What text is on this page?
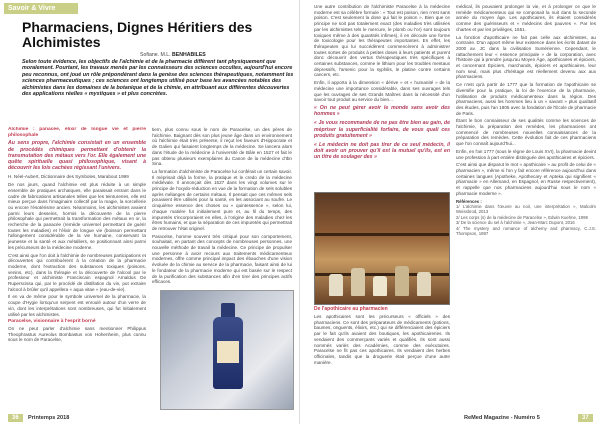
Savoir & Vivre
Pharmaciens, Dignes Héritiers des Alchimistes
Sofiane. M.L. BENHABILES
Selon toute évidence, les objectifs de l'alchimie et de la pharmacie diffèrent tant physiquement que moralement. Pourtant, les travaux menés par les connaisseurs des sciences occultes, aujourd'hui encore peu reconnus, ont joué un rôle prépondérant dans la genèse des sciences thérapeutiques, notamment les sciences pharmaceutiques ; ces sciences ont longtemps utilisé pour base les avancées notables des alchimistes dans les domaines de la botanique et de la chimie, en attribuant aux différentes découvertes des applications réelles « mystiques » et plus concrètes.
Alchimie : panacée, élixir de longue vie et pierre philosophale
Au sens propre, l'alchimie consistait en un ensemble de procédés chimiques permettant d'obtenir la transmutation des métaux vers l'or. Elle également une quête spirituelle quasi philosophique, visant à découvrir les lois cachées régissant l'univers.

H. Néel-Aubert, Dictionnaire des Symboles, Marabout 1999

De nos jours, quand l'alchimie est plus réduite à un simple ensemble de pratiques archaïques, elle paraissait entrant dans le cadre de fabrications artisanales telles que les teintureries, elle est mieux perçue dans l'imaginaire collectif par la magie, la sorcellerie ou encore l'ésotérisme ancien. Néanmoins, les alchimistes avaient parmi leurs desseins, hormis la découverte de la pierre philosophale qui permettrait la transformation des métaux en or, la recherche de la panacée (remède universel permettant de guérir toutes les maladies) et l'élixir de longue vie (boisson permettant l'allongement considérable de la vie humaine, conservant la jeunesse et la santé et aux métalliers, se positionnant ainsi parmi les précurseurs de la médecine moderne.

C'est ainsi que l'on doit à l'alchimie de nombreuses participations et découvertes qui contribuèrent à la création de la pharmacie moderne, dont l'extraction des substances toxiques (poisons, venins, etc), dans la thérapie et la découverte de l'alcool par le professeur et alchimiste Franciscain espagnol Arnaldus De Ruperscissa qui, par le procédé de distillation du vin, put extraire l'alcool à brûler qu'il appellera « aqua vitae » (eau-de-vie).

Il en va de même pour le symbole universel de la pharmacie, la coupe d'Hygie lorsqu'un serpent est enroulé autour d'un verre de vin, dont les interprétations sont nombreuses, qui fut initialement utilisé par les alchimistes.

Paracelse, visionnaire à l'esprit borné

On ne peut parler d'alchimie sans mentionner Philippus Theophrastus Aureolus Bombastus von Hohenheim, plus connu sous le nom de Paracelse,

tiem, plus connu sous le nom de Paracelse, un des pères de l'alchimie. Baignant dès son plus jeune âge dans un environnement où l'alchimie était très présente, il reçut les faveurs d'Hippocrate et de Galien qui faisaient longtemps de la médecine. Se lancera alors dans l'étude de la médecine à l'université de Bâle en 1527 et fait le pas obtenu plusieurs exemplaires du Canon de la médecine d'Ibn Sina.

La formation d'alchimiste de Paracelse lui conférait un certain savoir. Il méprisait déjà la forme, la pratique et le credo de la médecine médiévale. Il annonçait dès 1527 dans les vingt volumes sur le principe de l'oxydo-réduction en vue de la formation de sels solubles après mélanges de certains métaux. Il pensait que ces mêmes sels pouvaient être utilisés pour la santé, en les associant au soufre. Le cinquième essence des choses ou « quintessence », selon lui, chaque matière fut initialement pure et, au fil du temps, des impuretés s'incorporaient en elles, à l'origine des maladies chez les êtres humains, et que la séparation de ces impuretés qui permettrait de retrouver l'état originel.

Paracelse, homme souvent très critiqué pour son comportement, souhaitait, en partant des concepts de nombreuses personnes, une nouvelle méthode de travail la médecine. Ce principe de propulser une personne à avoir recours aux traitements médicamenteux modernes, offre comme principal impact des ébauches d'une vision évoluée de la chimie au service de la pharmacie, faisant ainsi de lui le fondateur de la pharmacie moderne qui est basée sur le respect de la purification des substances afin d'en tirer des principes actifs efficaces.

36	Printemps 2018

Une autre contribution de l'alchimiste Paracelse à la médecine moderne est sa célèbre formule : « Tout est poison, rien n'est sans poison. C'est seulement la dose qui fait le poison ». Bien que ce principe ne soit pas totalement exact (des maladies très utilisées par les alchimistes tels le mercure, le plomb ou l'or) sont toujours toxiques même à des quantités infimes), il en découle une forme de toxicologie pour les thérapeutes importantes. En effet, les thérapeutes qui lui succédèrent commencèrent à administrer toutes sortes de produits à petites doses à leurs patients et purent donc découvrir des vertus thérapeutiques très spécifiques à certaines substances, comme le lithium pour les troubles mentaux dépressifs, l'arsenic pour la syphilis, le platine contre certains cancers, etc.

Enfin, il apporta à la dimension « dérive » et « humanité » de la médecine une importance considérable, dans ses ouvrages tels que les ouvrages de ses Grands Maîtres dans la nécessité d'un savoir tout produit au service du bien...

« On ne peut gérer avoir le monde sans avoir des hommes »
« Je vous recommande de ne pas être bien au gain, de mépriser la superficialité forfaire, de vous quali ces produits gratuitement »
« Le médecin ne doit pas tirer de ce seul médecin, il doit avoir un prouver qu'il est la mutuel qu'ils, est en un titre de soulager des »
De l'apothicaire au pharmacien

Les apothicaires sont les précurseurs « officiels » des pharmaciens. Ce sont des préparateurs de médicaments (potions, baumes, onguents, élixirs, etc.) qui se différenciaient des épiciers par le fait qu'ils avaient des boutiques, les apothicaireries. Ils vendaient des commerçants variés et qualifiés. Ils sont aussi nommés variés des Académies, comme des exécutoires. Paracelse ne fit pas ces apothicaires. Ils vendaient des herbes officinales, tandis que la droguerie était perçue d'une autre manière.

médical, ils pouvaient prolonger la vie, et à prolonger ce que le remède médicamenteux qui se composait la nuit dans la seconde année du moyen âge. Les apothicaires, ils étaient considérés comme des guérisseurs et « médecins des pauvres ». Par les chartes et par les privilèges, 1551.

La fonction d'apothicaire ne fait pas celle aux alchimistes, au contraire. D'un apport même leur existence dans les écrits datant de 2000 av. JC dans la civilisation Sumérienne. Cependant, le rattachement leur « essence principale » de la corporation, avec l'histoire qui à prendre jusqu'au Moyen Âge, apothicaires et épiciers, et concernant Épiciers, marchands, épiciers et apothicaires, leur nom seul, mais plus d'héritage est réellement devenu aux aux pharmaciens.

Ce n'est qu'à partir de 1777 que la formation de l'apothicaire se diversifie pour la pratique, la loi de l'exercice de la pharmacie, l'utilisation de produits médicamenteux dans la région. Des pharmaciens, aussi les hommes lieu à un « savant » plus qualitatif des études, puis l'an 1805 avec la fondation de l'École de pharmacie de Paris.

Étant le bon connaisseur de ses qualités comme les sciences de l'alchimie, la préparation des remèdes, les pharmaciens ont commencé de nombreuses nouvelles connaissances de la préparation des remèdes. Cette évolution fait de ces pharmaciens que l'on connaît aujourd'hui...

Enfin, en l'an 1777 (sous le règne de Louis XVI), la pharmacie devint une profession à part entière distinguée des apothicaires et épiciers.

C'est ainsi que disparut le mot « apothicaire » au profit de celui de « pharmacien », même si l'on y fait encore référence aujourd'hui dans certaines langues (Apotheke, Apothecary et Apteka qui signifient « pharmacie » en Allemand, en Espagnol, en Russe respectivement), et rappelle que nos pharmaciens aujourd'hui sous le nom « pharmacie moderne ».

Références :
1/ L'alchimie dans l'œuvre au noir, une interprétation », Malcolm Weissbrod, 2013
2/ Les corps (s) de la médecine de Paracelse », Edwin Kuehne, 1999
3/ De la science du sel à l'alchimie », Jean-Marc Dupont, 2016
4/ The mystery and romance of alchemy and pharmacy, C.J.S. Thompson, 1897
ReMed Magazine - Numéro 5	37
